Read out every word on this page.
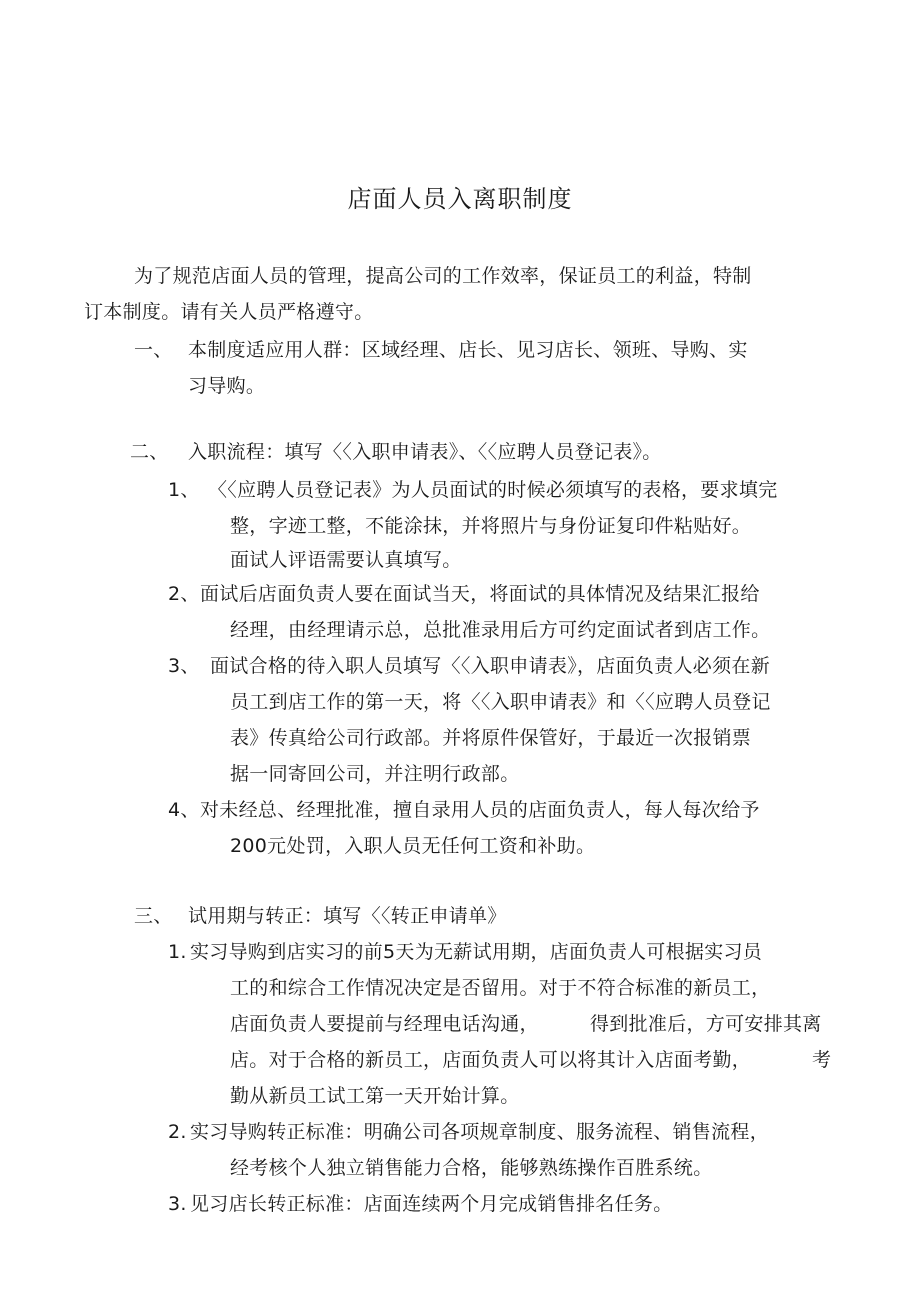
店面人员入离职制度
为了规范店面人员的管理，提高公司的工作效率，保证员工的利益，特制
订本制度。请有关人员严格遵守。
一、 本制度适应用人群：区域经理、店长、见习店长、领班、导购、实
习导购。
二、 入职流程：填写〈〈入职申请表》、〈〈应聘人员登记表》。
1、 〈〈应聘人员登记表》为人员面试的时候必须填写的表格，要求填完
整，字迹工整，不能涂抹，并将照片与身份证复印件粘贴好。
面试人评语需要认真填写。
2、 面试后店面负责人要在面试当天，将面试的具体情况及结果汇报给
经理，由经理请示总，总批准录用后方可约定面试者到店工作。
3、 面试合格的待入职人员填写〈〈入职申请表》，店面负责人必须在新
员工到店工作的第一天，将〈〈入职申请表》和〈〈应聘人员登记
表》传真给公司行政部。并将原件保管好，于最近一次报销票
据一同寄回公司，并注明行政部。
4、 对未经总、经理批准，擅自录用人员的店面负责人，每人每次给予
200元处罚，入职人员无任何工资和补助。
三、 试用期与转正：填写〈〈转正申请单》
1. 实习导购到店实习的前5天为无薪试用期，店面负责人可根据实习员
工的和综合工作情况决定是否留用。对于不符合标准的新员工，
店面负责人要提前与经理电话沟通，	得到批准后，方可安排其离
店。对于合格的新员工，店面负责人可以将其计入店面考勤，	考
勤从新员工试工第一天开始计算。
2. 实习导购转正标准：明确公司各项规章制度、服务流程、销售流程，
经考核个人独立销售能力合格，能够熟练操作百胜系统。
3. 见习店长转正标准：店面连续两个月完成销售排名任务。
